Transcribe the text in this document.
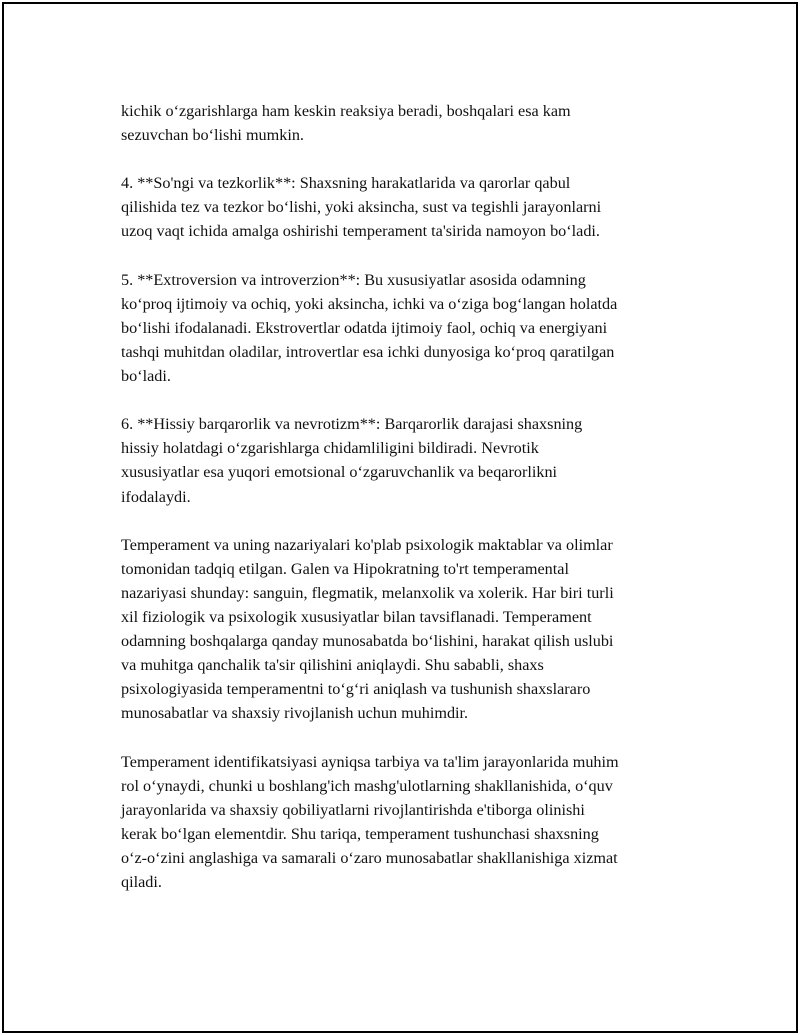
kichik o‘zgarishlarga ham keskin reaksiya beradi, boshqalari esa kam
sezuvchan bo‘lishi mumkin.

4. **So'ngi va tezkorlik**: Shaxsning harakatlarida va qarorlar qabul
qilishida tez va tezkor bo‘lishi, yoki aksincha, sust va tegishli jarayonlarni
uzoq vaqt ichida amalga oshirishi temperament ta'sirida namoyon bo‘ladi.

5. **Extroversion va introverzion**: Bu xususiyatlar asosida odamning
ko‘proq ijtimoiy va ochiq, yoki aksincha, ichki va o‘ziga bog‘langan holatda
bo‘lishi ifodalanadi. Ekstrovertlar odatda ijtimoiy faol, ochiq va energiyani
tashqi muhitdan oladilar, introvertlar esa ichki dunyosiga ko‘proq qaratilgan
bo‘ladi.

6. **Hissiy barqarorlik va nevrotizm**: Barqarorlik darajasi shaxsning
hissiy holatdagi o‘zgarishlarga chidamliligini bildiradi. Nevrotik
xususiyatlar esa yuqori emotsional o‘zgaruvchanlik va beqarorlikni
ifodalaydi.

Temperament va uning nazariyalari ko'plab psixologik maktablar va olimlar
tomonidan tadqiq etilgan. Galen va Hipokratning to'rt temperamental
nazariyasi shunday: sanguin, flegmatik, melanxolik va xolerik. Har biri turli
xil fiziologik va psixologik xususiyatlar bilan tavsiflanadi. Temperament
odamning boshqalarga qanday munosabatda bo‘lishini, harakat qilish uslubi
va muhitga qanchalik ta'sir qilishini aniqlaydi. Shu sababli, shaxs
psixologiyasida temperamentni to‘g‘ri aniqlash va tushunish shaxslararo
munosabatlar va shaxsiy rivojlanish uchun muhimdir.

Temperament identifikatsiyasi ayniqsa tarbiya va ta'lim jarayonlarida muhim
rol o‘ynaydi, chunki u boshlang'ich mashg'ulotlarning shakllanishida, o‘quv
jarayonlarida va shaxsiy qobiliyatlarni rivojlantirishda e'tiborga olinishi
kerak bo‘lgan elementdir. Shu tariqa, temperament tushunchasi shaxsning
o‘z-o‘zini anglashiga va samarali o‘zaro munosabatlar shakllanishiga xizmat
qiladi.
